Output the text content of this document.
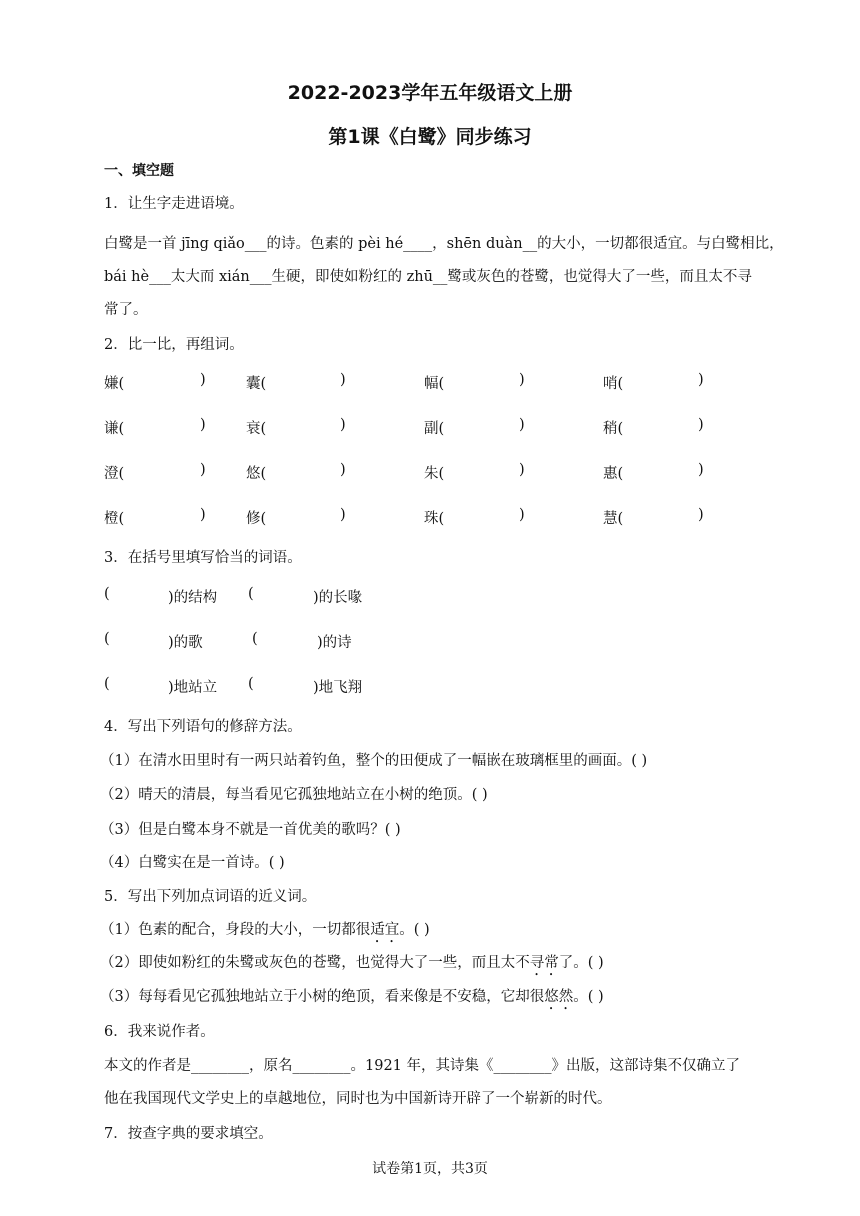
2022-2023学年五年级语文上册
第1课《白鹭》同步练习
一、填空题
1．让生字走进语境。
白鹭是一首 jīng qiǎo___的诗。色素的 pèi hé____，shēn duàn__的大小，一切都很适宜。与白鹭相比，
bái hè___太大而 xián___生硬，即使如粉红的 zhū__鹭或灰色的苍鹭，也觉得大了一些，而且太不寻
常了。
2．比一比，再组词。
嫌(	)	囊(	)	幅(	)	哨(	)
谦(	)	衰(	)	副(	)	稍(	)
澄(	)	悠(	)	朱(	)	惠(	)
橙(	)	修(	)	珠(	)	慧(	)
3．在括号里填写恰当的词语。
(	)的结构 (	)的长喙
(	)的歌	(	)的诗
(	)地站立 (	)地飞翔
4．写出下列语句的修辞方法。
（1）在清水田里时有一两只站着钓鱼，整个的田便成了一幅嵌在玻璃框里的画面。( )
（2）晴天的清晨，每当看见它孤独地站立在小树的绝顶。( )
（3）但是白鹭本身不就是一首优美的歌吗？( )
（4）白鹭实在是一首诗。( )
5．写出下列加点词语的近义词。
（1）色素的配合，身段的大小，一切都很适宜。( )
（2）即使如粉红的朱鹭或灰色的苍鹭，也觉得大了一些，而且太不寻常了。( )
（3）每每看见它孤独地站立于小树的绝顶，看来像是不安稳，它却很悠然。( )
6．我来说作者。
本文的作者是________，原名________。1921 年，其诗集《________》出版，这部诗集不仅确立了
他在我国现代文学史上的卓越地位，同时也为中国新诗开辟了一个崭新的时代。
7．按查字典的要求填空。
试卷第1页，共3页
